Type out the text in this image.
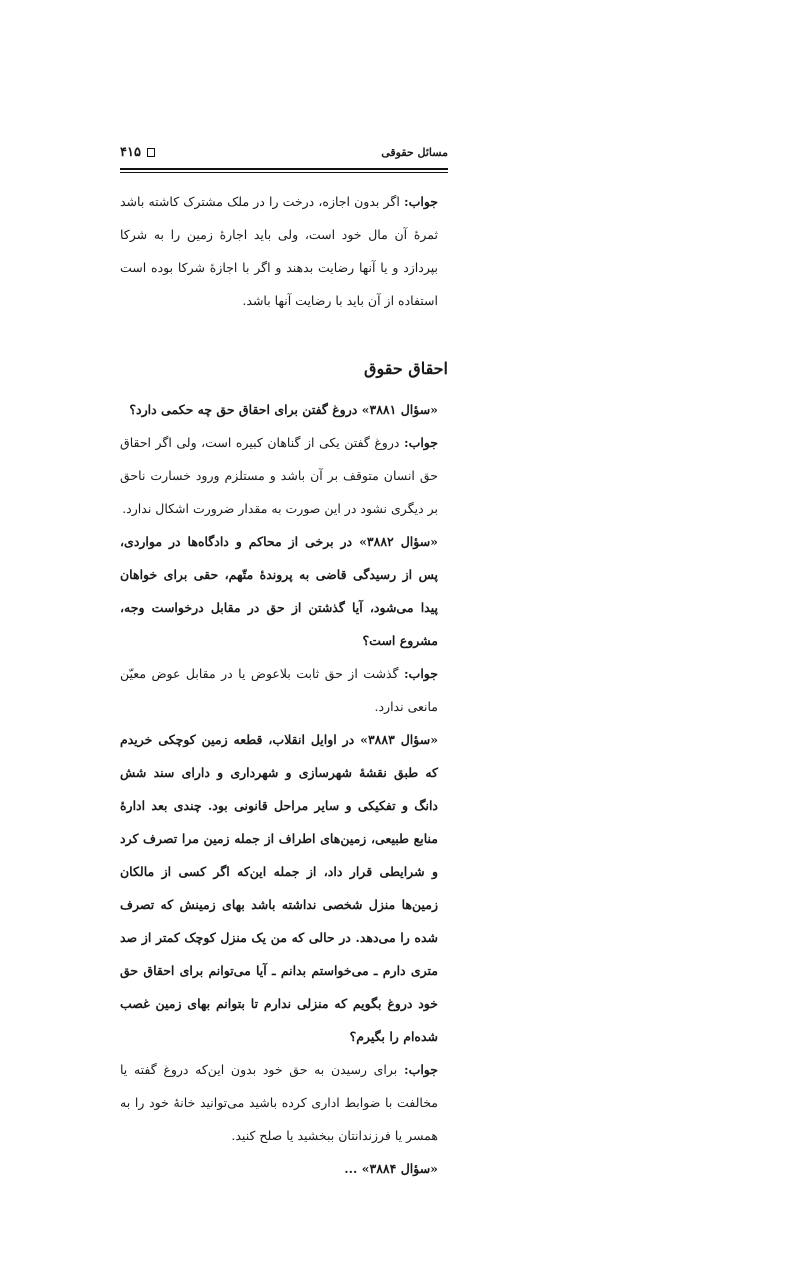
مسائل حقوقی
۴۱۵

جواب: اگر بدون اجازه، درخت را در ملک مشترک کاشته باشد ثمرهٔ آن مال خود است، ولی باید اجارهٔ زمین را به شرکا بپردازد و یا آنها رضایت بدهند و اگر با اجازهٔ شرکا بوده است استفاده از آن باید با رضایت آنها باشد.

احقاق حقوق

«سؤال ۳۸۸۱» دروغ گفتن برای احقاق حق چه حکمی دارد؟

جواب: دروغ گفتن یکی از گناهان کبیره است، ولی اگر احقاق حق انسان متوقف بر آن باشد و مستلزم ورود خسارت ناحق بر دیگری نشود در این صورت به مقدار ضرورت اشکال ندارد.

«سؤال ۳۸۸۲» در برخی از محاکم و دادگاه‌ها در مواردی، پس از رسیدگی قاضی به پروندهٔ متّهم، حقی برای خواهان پیدا می‌شود، آیا گذشتن از حق در مقابل درخواست وجه، مشروع است؟

جواب: گذشت از حق ثابت بلاعوض یا در مقابل عوض معیّن مانعی ندارد.

«سؤال ۳۸۸۳» در اوایل انقلاب، قطعه زمین کوچکی خریدم که طبق نقشهٔ شهرسازی و شهرداری و دارای سند شش دانگ و تفکیکی و سایر مراحل قانونی بود. چندی بعد ادارهٔ منابع طبیعی، زمین‌های اطراف از جمله زمین مرا تصرف کرد و شرایطی قرار داد، از جمله این‌که اگر کسی از مالکان زمین‌ها منزل شخصی نداشته باشد بهای زمینش که تصرف شده را می‌دهد. در حالی که من یک منزل کوچک کمتر از صد متری دارم ـ می‌خواستم بدانم ـ آیا می‌توانم برای احقاق حق خود دروغ بگویم که منزلی ندارم تا بتوانم بهای زمین غصب شده‌ام را بگیرم؟

جواب: برای رسیدن به حق خود بدون این‌که دروغ گفته یا مخالفت با ضوابط اداری کرده باشید می‌توانید خانهٔ خود را به همسر یا فرزندانتان ببخشید یا صلح کنید.

«سؤال ۳۸۸۴» ...
